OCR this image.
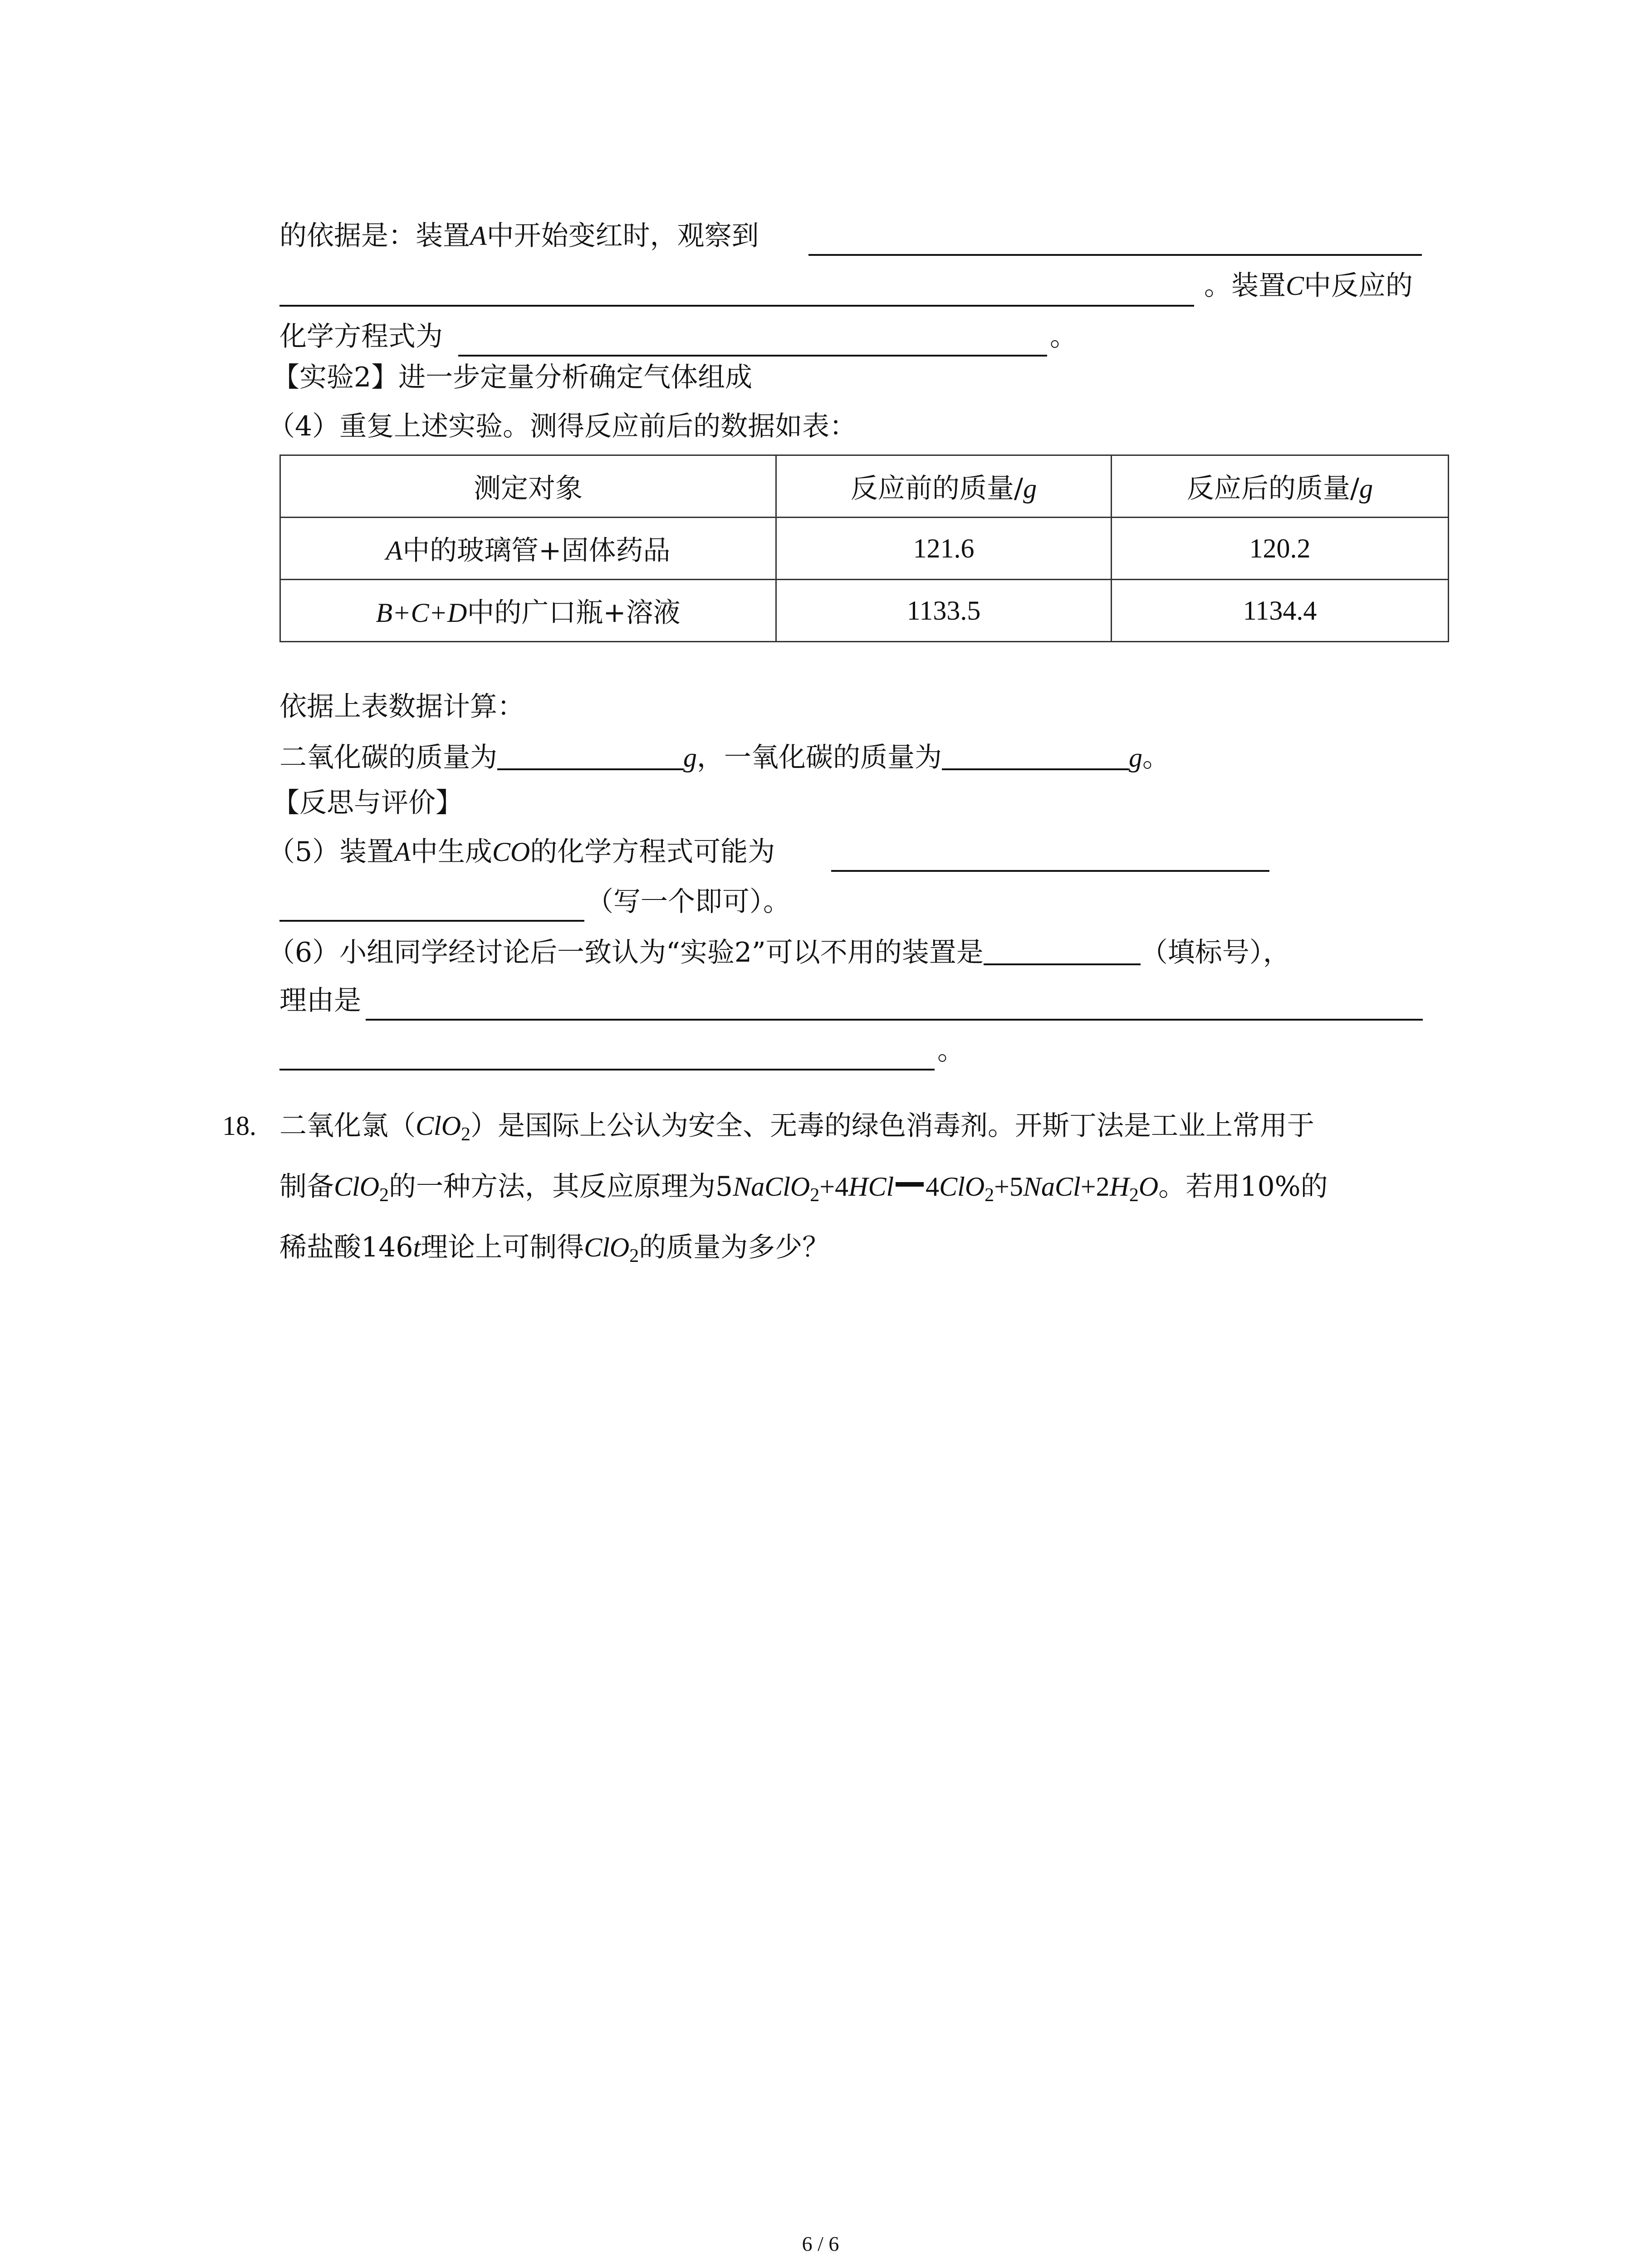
的依据是：装置A中开始变红时，观察到
。装置C中反应的
化学方程式为	。
【实验2】进一步定量分析确定气体组成
（4）重复上述实验。测得反应前后的数据如表：
测定对象	反应前的质量/g	反应后的质量/g
A中的玻璃管+固体药品	121.6	120.2
B+C+D中的广口瓶+溶液	1133.5	1134.4
依据上表数据计算：
二氧化碳的质量为	g，一氧化碳的质量为	g。
【反思与评价】
（5）装置A中生成CO的化学方程式可能为
（写一个即可）。
（6）小组同学经讨论后一致认为“实验2”可以不用的装置是	（填标号），
理由是
。
18. 二氧化氯（ClO$_2$）是国际上公认为安全、无毒的绿色消毒剂。开斯丁法是工业上常用于
制备ClO$_2$的一种方法，其反应原理为5NaClO$_2$+4HCl $4ClO_2+5NaCl+2H_2O$。若用10%的
稀盐酸146t理论上可制得ClO$_2$的质量为多少？
6 / 6
